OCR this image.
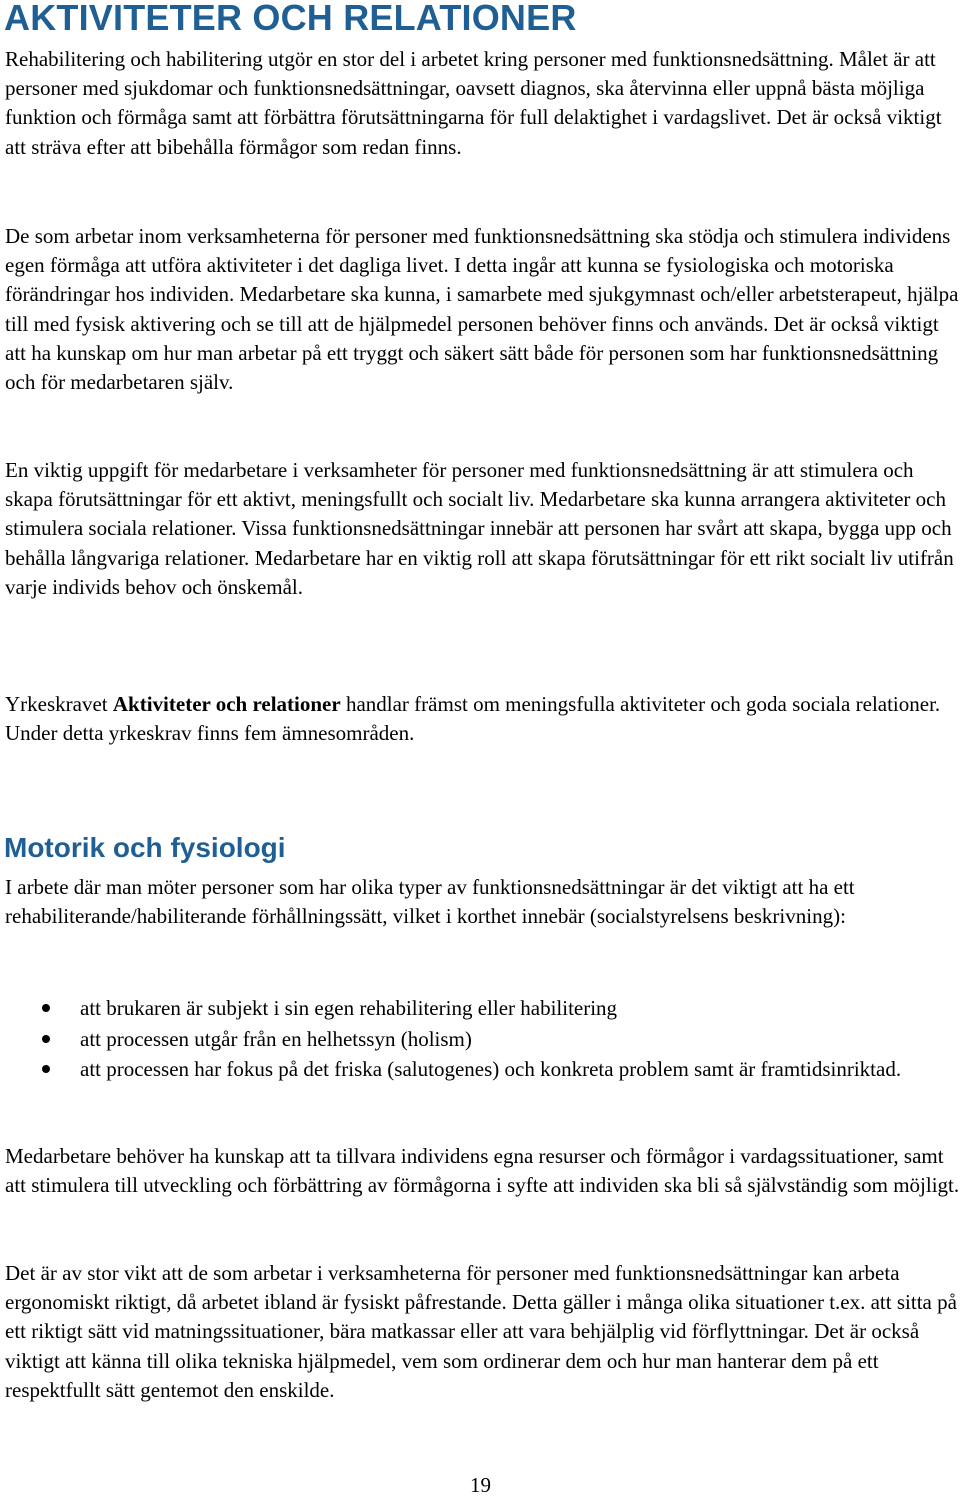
AKTIVITETER OCH RELATIONER

Rehabilitering och habilitering utgör en stor del i arbetet kring personer med funktionsnedsättning. Målet är att personer med sjukdomar och funktionsnedsättningar, oavsett diagnos, ska återvinna eller uppnå bästa möjliga funktion och förmåga samt att förbättra förutsättningarna för full delaktighet i vardagslivet. Det är också viktigt att sträva efter att bibehålla förmågor som redan finns.

De som arbetar inom verksamheterna för personer med funktionsnedsättning ska stödja och stimulera individens egen förmåga att utföra aktiviteter i det dagliga livet. I detta ingår att kunna se fysiologiska och motoriska förändringar hos individen. Medarbetare ska kunna, i samarbete med sjukgymnast och/eller arbetsterapeut, hjälpa till med fysisk aktivering och se till att de hjälpmedel personen behöver finns och används. Det är också viktigt att ha kunskap om hur man arbetar på ett tryggt och säkert sätt både för personen som har funktionsnedsättning och för medarbetaren själv.

En viktig uppgift för medarbetare i verksamheter för personer med funktionsnedsättning är att stimulera och skapa förutsättningar för ett aktivt, meningsfullt och socialt liv. Medarbetare ska kunna arrangera aktiviteter och stimulera sociala relationer. Vissa funktionsnedsättningar innebär att personen har svårt att skapa, bygga upp och behålla långvariga relationer. Medarbetare har en viktig roll att skapa förutsättningar för ett rikt socialt liv utifrån varje individs behov och önskemål.

Yrkeskravet Aktiviteter och relationer handlar främst om meningsfulla aktiviteter och goda sociala relationer.
Under detta yrkeskrav finns fem ämnesområden.

Motorik och fysiologi

I arbete där man möter personer som har olika typer av funktionsnedsättningar är det viktigt att ha ett rehabiliterande/habiliterande förhållningssätt, vilket i korthet innebär (socialstyrelsens beskrivning):

att brukaren är subjekt i sin egen rehabilitering eller habilitering
att processen utgår från en helhetssyn (holism)
att processen har fokus på det friska (salutogenes) och konkreta problem samt är framtidsinriktad.

Medarbetare behöver ha kunskap att ta tillvara individens egna resurser och förmågor i vardagssituationer, samt att stimulera till utveckling och förbättring av förmågorna i syfte att individen ska bli så självständig som möjligt.

Det är av stor vikt att de som arbetar i verksamheterna för personer med funktionsnedsättningar kan arbeta ergonomiskt riktigt, då arbetet ibland är fysiskt påfrestande. Detta gäller i många olika situationer t.ex. att sitta på ett riktigt sätt vid matningssituationer, bära matkassar eller att vara behjälplig vid förflyttningar. Det är också viktigt att känna till olika tekniska hjälpmedel, vem som ordinerar dem och hur man hanterar dem på ett respektfullt sätt gentemot den enskilde.

19
